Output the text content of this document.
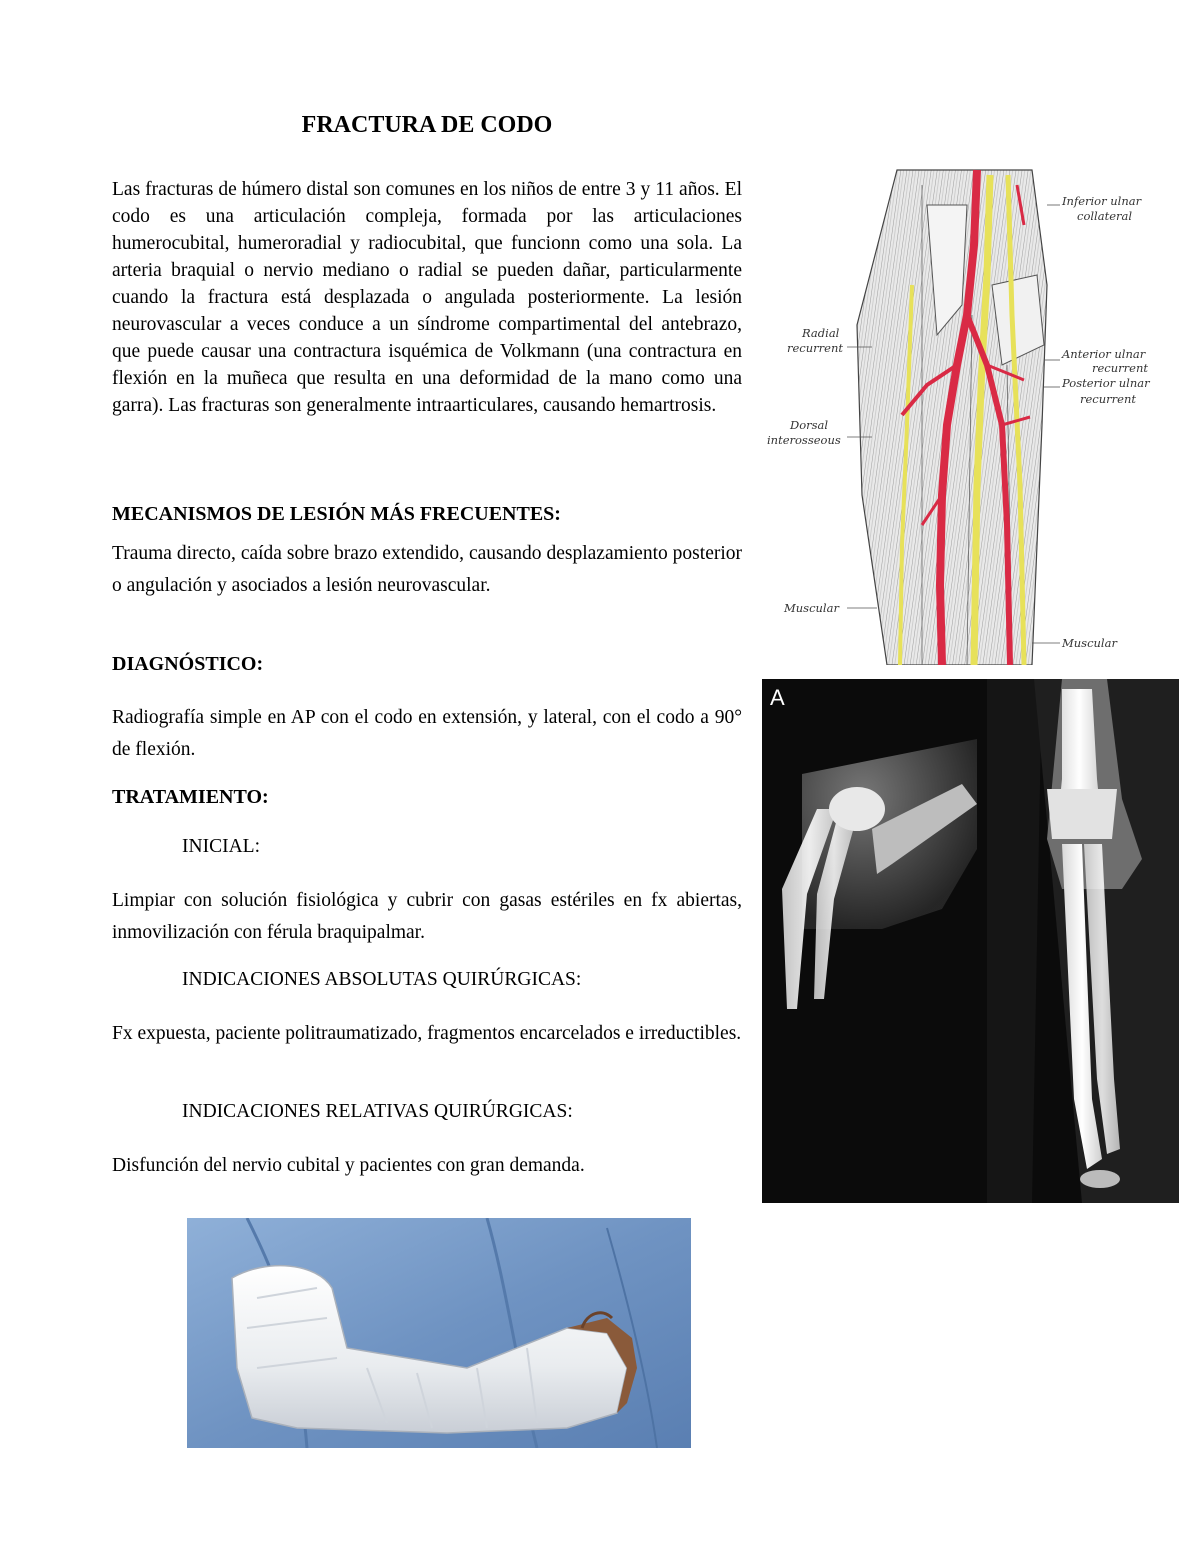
FRACTURA DE CODO

Las fracturas de húmero distal son comunes en los niños de entre 3 y 11 años. El codo es una articulación compleja, formada por las articulaciones humerocubital, humeroradial y radiocubital, que funcionn como una sola. La arteria braquial o nervio mediano o radial se pueden dañar, particularmente cuando la fractura está desplazada o angulada posteriormente. La lesión neurovascular a veces conduce a un síndrome compartimental del antebrazo, que puede causar una contractura isquémica de Volkmann (una contractura en flexión en la muñeca que resulta en una deformidad de la mano como una garra). Las fracturas son generalmente intraarticulares, causando hemartrosis.

MECANISMOS DE LESIÓN MÁS FRECUENTES:

Trauma directo, caída sobre brazo extendido, causando desplazamiento posterior o angulación y asociados a lesión neurovascular.

DIAGNÓSTICO:

Radiografía simple en AP con el codo en extensión, y lateral, con el codo a 90° de flexión.

TRATAMIENTO:

INICIAL:

Limpiar con solución fisiológica y cubrir con gasas estériles en fx abiertas, inmovilización con férula braquipalmar.

INDICACIONES ABSOLUTAS QUIRÚRGICAS:

Fx expuesta, paciente politraumatizado, fragmentos encarcelados e irreductibles.

INDICACIONES RELATIVAS QUIRÚRGICAS:

Disfunción del nervio cubital y pacientes con gran demanda.

Inferior ulnar
collateral
Radial
recurrent	Anterior ulnar
recurrent
Posterior ulnar
recurrent
Dorsal
interosseous
Muscular
Muscular
A
